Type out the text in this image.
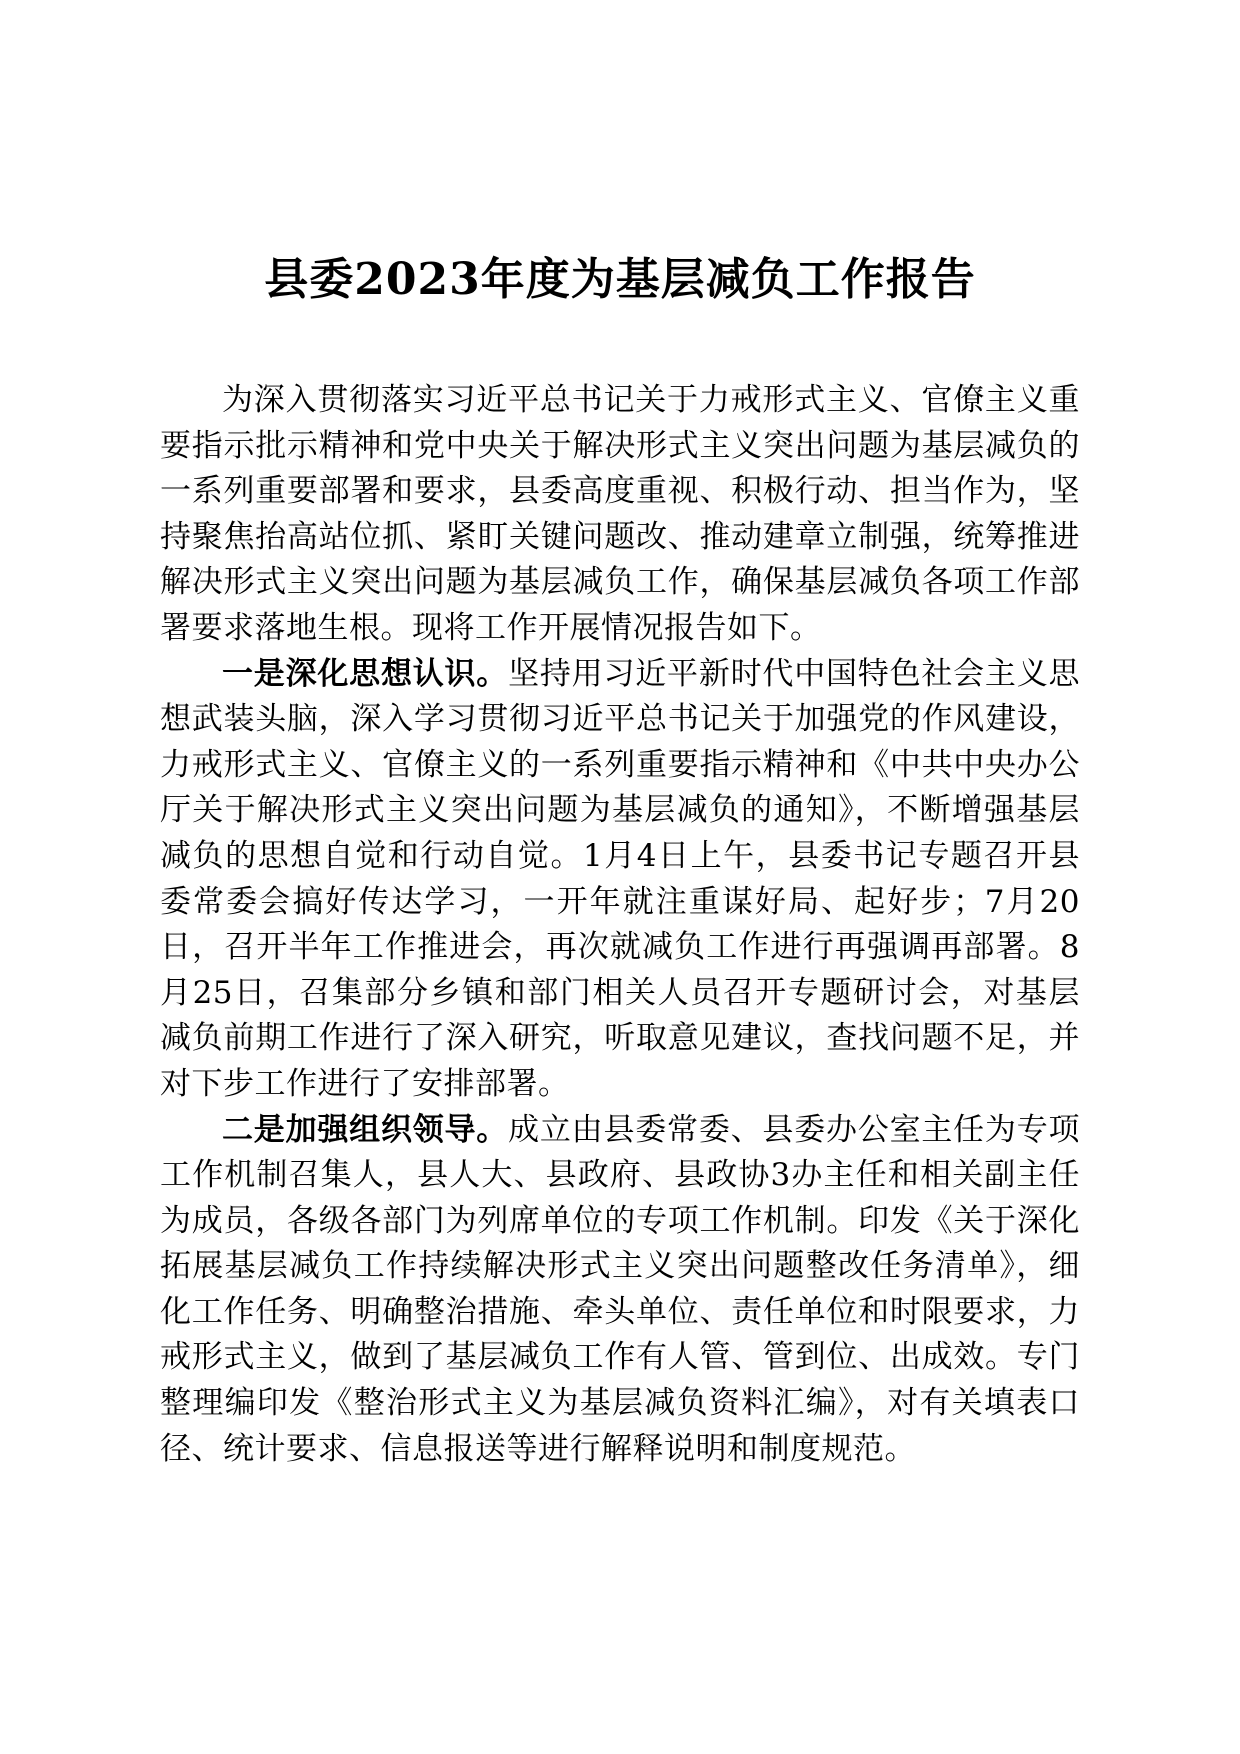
县委2023年度为基层减负工作报告

为深入贯彻落实习近平总书记关于力戒形式主义、官僚主义重要指示批示精神和党中央关于解决形式主义突出问题为基层减负的一系列重要部署和要求，县委高度重视、积极行动、担当作为，坚持聚焦抬高站位抓、紧盯关键问题改、推动建章立制强，统筹推进解决形式主义突出问题为基层减负工作，确保基层减负各项工作部署要求落地生根。现将工作开展情况报告如下。

一是深化思想认识。坚持用习近平新时代中国特色社会主义思想武装头脑，深入学习贯彻习近平总书记关于加强党的作风建设，力戒形式主义、官僚主义的一系列重要指示精神和《中共中央办公厅关于解决形式主义突出问题为基层减负的通知》，不断增强基层减负的思想自觉和行动自觉。1月4日上午，县委书记专题召开县委常委会搞好传达学习，一开年就注重谋好局、起好步；7月20日，召开半年工作推进会，再次就减负工作进行再强调再部署。8月25日，召集部分乡镇和部门相关人员召开专题研讨会，对基层减负前期工作进行了深入研究，听取意见建议，查找问题不足，并对下步工作进行了安排部署。

二是加强组织领导。成立由县委常委、县委办公室主任为专项工作机制召集人，县人大、县政府、县政协3办主任和相关副主任为成员，各级各部门为列席单位的专项工作机制。印发《关于深化拓展基层减负工作持续解决形式主义突出问题整改任务清单》，细化工作任务、明确整治措施、牵头单位、责任单位和时限要求，力戒形式主义，做到了基层减负工作有人管、管到位、出成效。专门整理编印发《整治形式主义为基层减负资料汇编》，对有关填表口径、统计要求、信息报送等进行解释说明和制度规范。
